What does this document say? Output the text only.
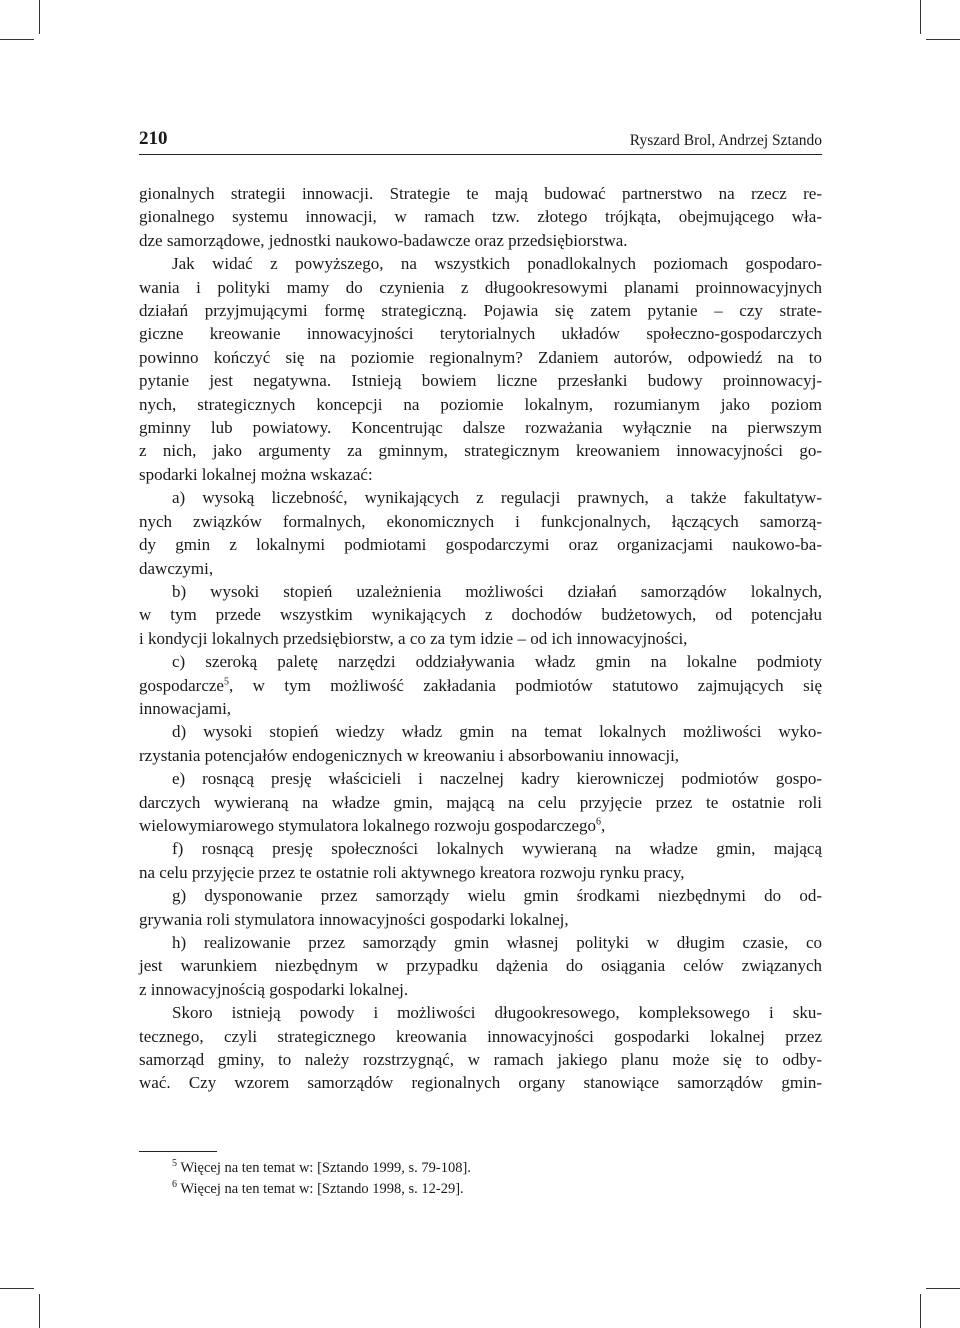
210	Ryszard Brol, Andrzej Sztando

gionalnych strategii innowacji. Strategie te mają budować partnerstwo na rzecz re-

gionalnego systemu innowacji, w ramach tzw. złotego trójkąta, obejmującego wła-

dze samorządowe, jednostki naukowo-badawcze oraz przedsiębiorstwa.

Jak widać z powyższego, na wszystkich ponadlokalnych poziomach gospodaro-

wania i polityki mamy do czynienia z długookresowymi planami proinnowacyjnych

działań przyjmującymi formę strategiczną. Pojawia się zatem pytanie – czy strate-

giczne kreowanie innowacyjności terytorialnych układów społeczno-gospodarczych

powinno kończyć się na poziomie regionalnym? Zdaniem autorów, odpowiedź na to

pytanie jest negatywna. Istnieją bowiem liczne przesłanki budowy proinnowacyj-

nych, strategicznych koncepcji na poziomie lokalnym, rozumianym jako poziom

gminny lub powiatowy. Koncentrując dalsze rozważania wyłącznie na pierwszym

z nich, jako argumenty za gminnym, strategicznym kreowaniem innowacyjności go-

spodarki lokalnej można wskazać:

a) wysoką liczebność, wynikających z regulacji prawnych, a także fakultatyw-

nych związków formalnych, ekonomicznych i funkcjonalnych, łączących samorzą-

dy gmin z lokalnymi podmiotami gospodarczymi oraz organizacjami naukowo-ba-

dawczymi,

b) wysoki stopień uzależnienia możliwości działań samorządów lokalnych,

w tym przede wszystkim wynikających z dochodów budżetowych, od potencjału

i kondycji lokalnych przedsiębiorstw, a co za tym idzie – od ich innowacyjności,

c) szeroką paletę narzędzi oddziaływania władz gmin na lokalne podmioty

gospodarcze$^5$, w tym możliwość zakładania podmiotów statutowo zajmujących się

innowacjami,

d) wysoki stopień wiedzy władz gmin na temat lokalnych możliwości wyko-

rzystania potencjałów endogenicznych w kreowaniu i absorbowaniu innowacji,

e) rosnącą presję właścicieli i naczelnej kadry kierowniczej podmiotów gospo-

darczych wywieraną na władze gmin, mającą na celu przyjęcie przez te ostatnie roli

wielowymiarowego stymulatora lokalnego rozwoju gospodarczego$^6$,

f) rosnącą presję społeczności lokalnych wywieraną na władze gmin, mającą

na celu przyjęcie przez te ostatnie roli aktywnego kreatora rozwoju rynku pracy,

g) dysponowanie przez samorządy wielu gmin środkami niezbędnymi do od-

grywania roli stymulatora innowacyjności gospodarki lokalnej,

h) realizowanie przez samorządy gmin własnej polityki w długim czasie, co

jest warunkiem niezbędnym w przypadku dążenia do osiągania celów związanych

z innowacyjnością gospodarki lokalnej.

Skoro istnieją powody i możliwości długookresowego, kompleksowego i sku-

tecznego, czyli strategicznego kreowania innowacyjności gospodarki lokalnej przez

samorząd gminy, to należy rozstrzygnąć, w ramach jakiego planu może się to odby-

wać. Czy wzorem samorządów regionalnych organy stanowiące samorządów gmin-

$^5$ Więcej na ten temat w: [Sztando 1999, s. 79-108].

$^6$ Więcej na ten temat w: [Sztando 1998, s. 12-29].
